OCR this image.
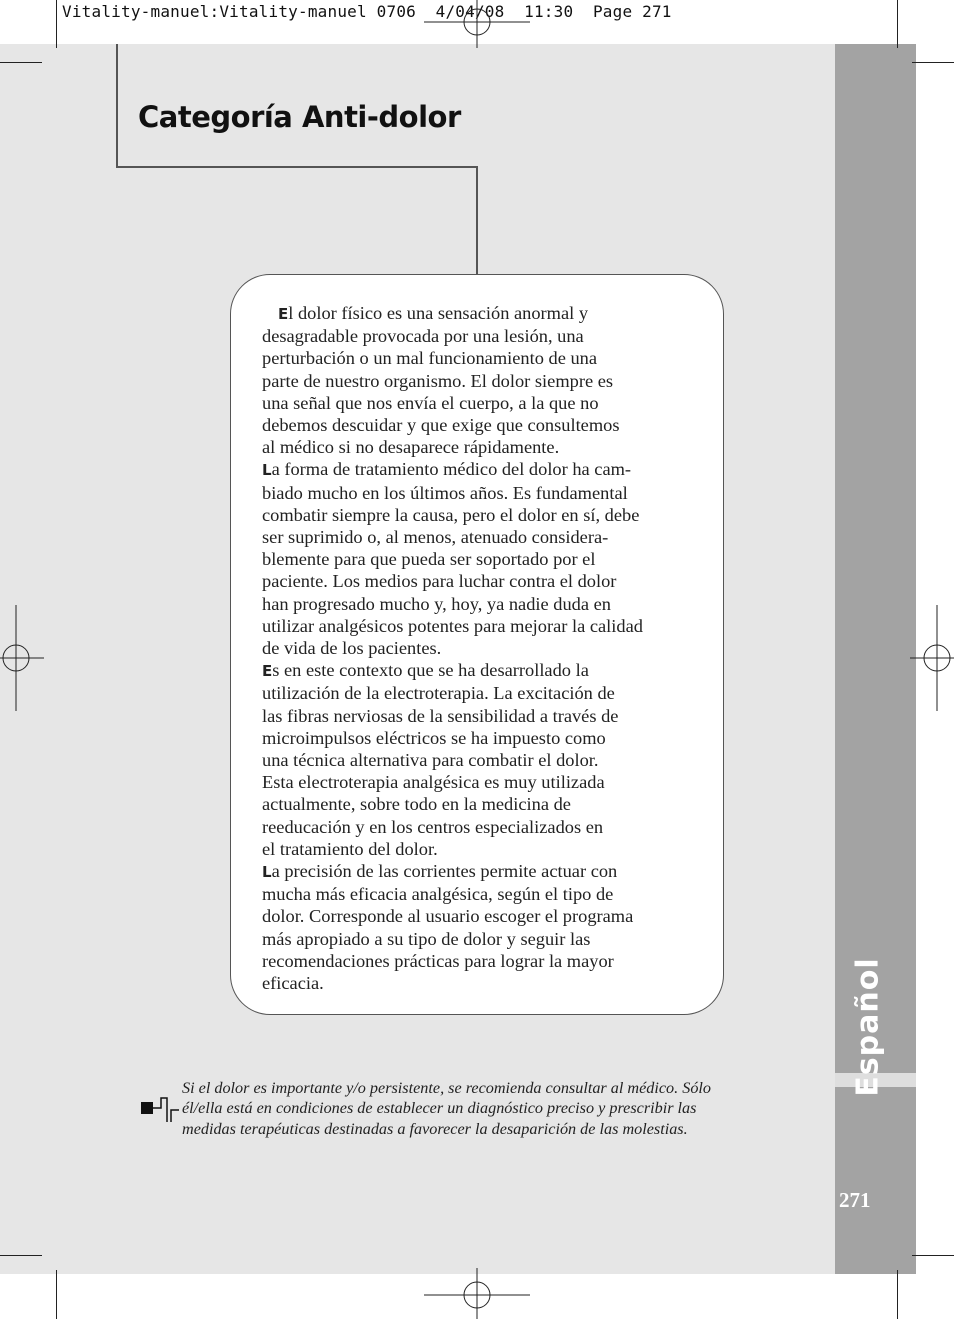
Vitality-manuel:Vitality-manuel 0706  4/04/08  11:30  Page 271
Español
271
Categoría Anti-dolor

El dolor físico es una sensación anormal y
desagradable provocada por una lesión, una
perturbación o un mal funcionamiento de una
parte de nuestro organismo. El dolor siempre es
una señal que nos envía el cuerpo, a la que no
debemos descuidar y que exige que consultemos
al médico si no desaparece rápidamente.

La forma de tratamiento médico del dolor ha cam-
biado mucho en los últimos años. Es fundamental
combatir siempre la causa, pero el dolor en sí, debe
ser suprimido o, al menos, atenuado considera-
blemente para que pueda ser soportado por el
paciente. Los medios para luchar contra el dolor
han progresado mucho y, hoy, ya nadie duda en
utilizar analgésicos potentes para mejorar la calidad
de vida de los pacientes.

Es en este contexto que se ha desarrollado la
utilización de la electroterapia. La excitación de
las fibras nerviosas de la sensibilidad a través de
microimpulsos eléctricos se ha impuesto como
una técnica alternativa para combatir el dolor.
Esta electroterapia analgésica es muy utilizada
actualmente, sobre todo en la medicina de
reeducación y en los centros especializados en
el tratamiento del dolor.

La precisión de las corrientes permite actuar con
mucha más eficacia analgésica, según el tipo de
dolor. Corresponde al usuario escoger el programa
más apropiado a su tipo de dolor y seguir las
recomendaciones prácticas para lograr la mayor
eficacia.

Si el dolor es importante y/o persistente, se recomienda consultar al médico. Sólo
él/ella está en condiciones de establecer un diagnóstico preciso y prescribir las
medidas terapéuticas destinadas a favorecer la desaparición de las molestias.
